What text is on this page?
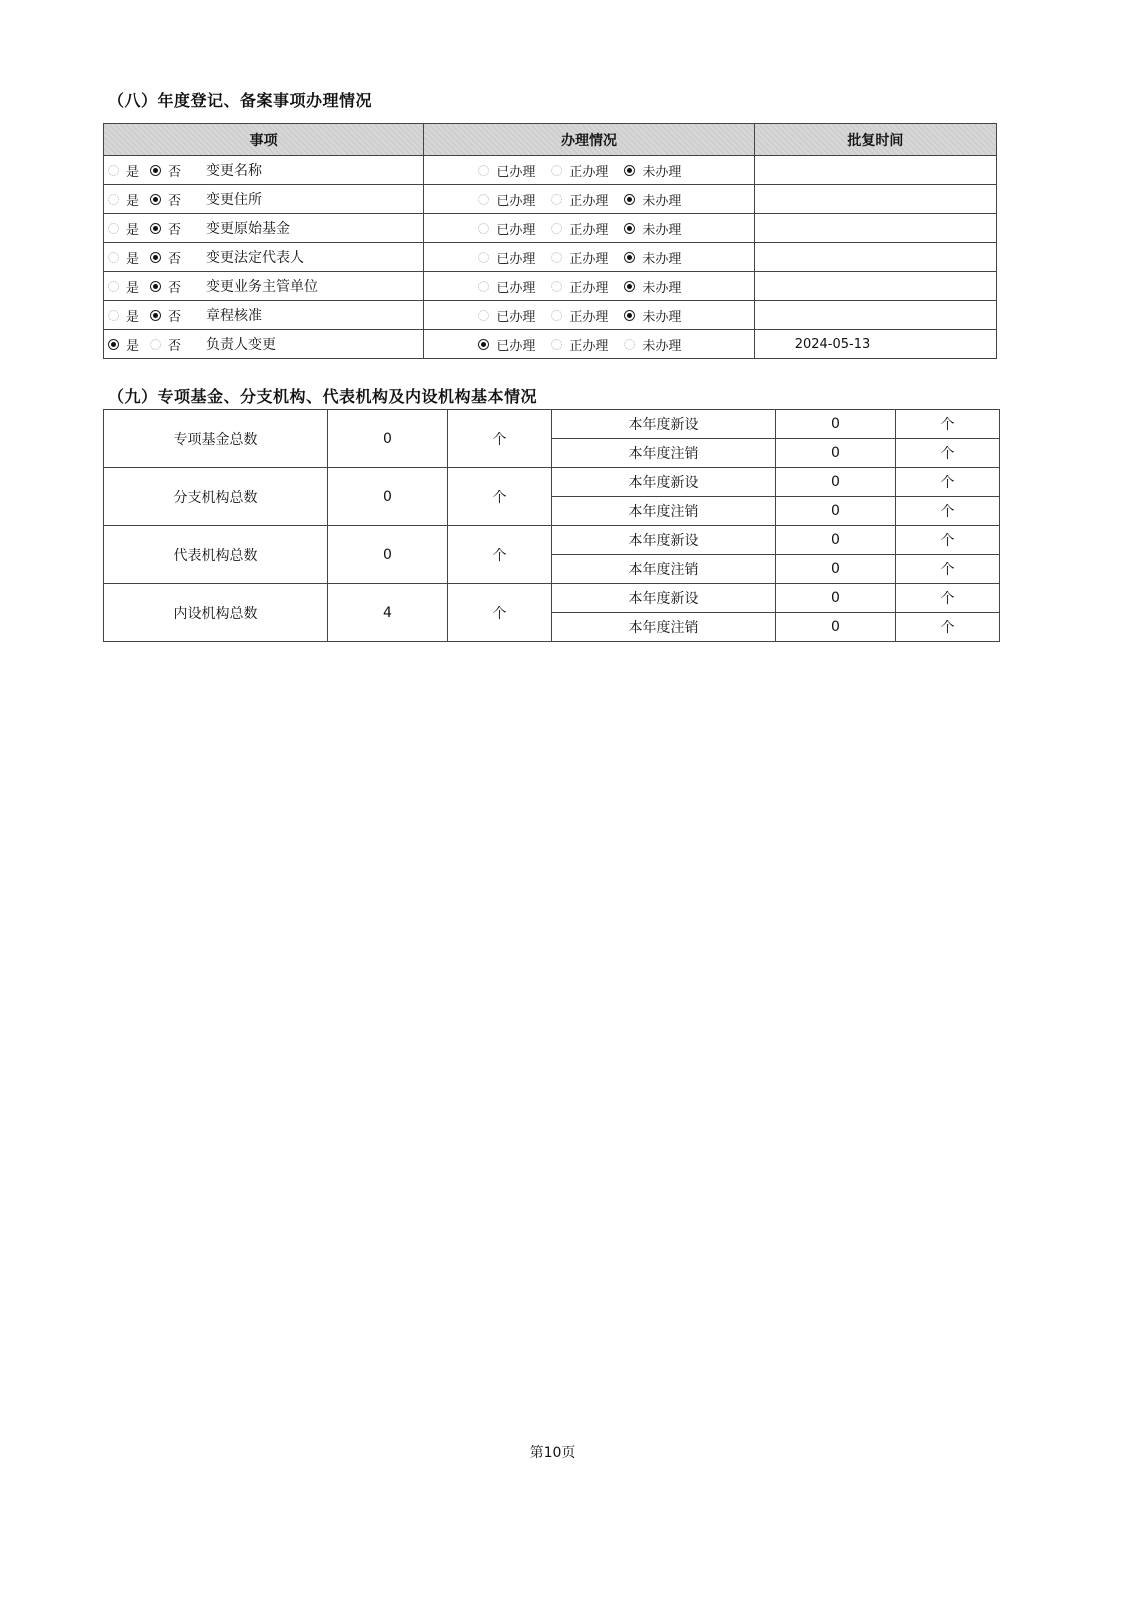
（八）年度登记、备案事项办理情况
事项	办理情况	批复时间

是 否 变更名称	已办理 正办理 未办理	

是 否 变更住所	已办理 正办理 未办理	

是 否 变更原始基金	已办理 正办理 未办理	

是 否 变更法定代表人	已办理 正办理 未办理	

是 否 变更业务主管单位	已办理 正办理 未办理	

是 否 章程核准	已办理 正办理 未办理	

是 否 负责人变更	已办理 正办理 未办理	2024-05-13
（九）专项基金、分支机构、代表机构及内设机构基本情况
专项基金总数	0	个	本年度新设	0	个
			本年度注销	0	个
分支机构总数	0	个	本年度新设	0	个
			本年度注销	0	个
代表机构总数	0	个	本年度新设	0	个
			本年度注销	0	个
内设机构总数	4	个	本年度新设	0	个
			本年度注销	0	个
第10页
